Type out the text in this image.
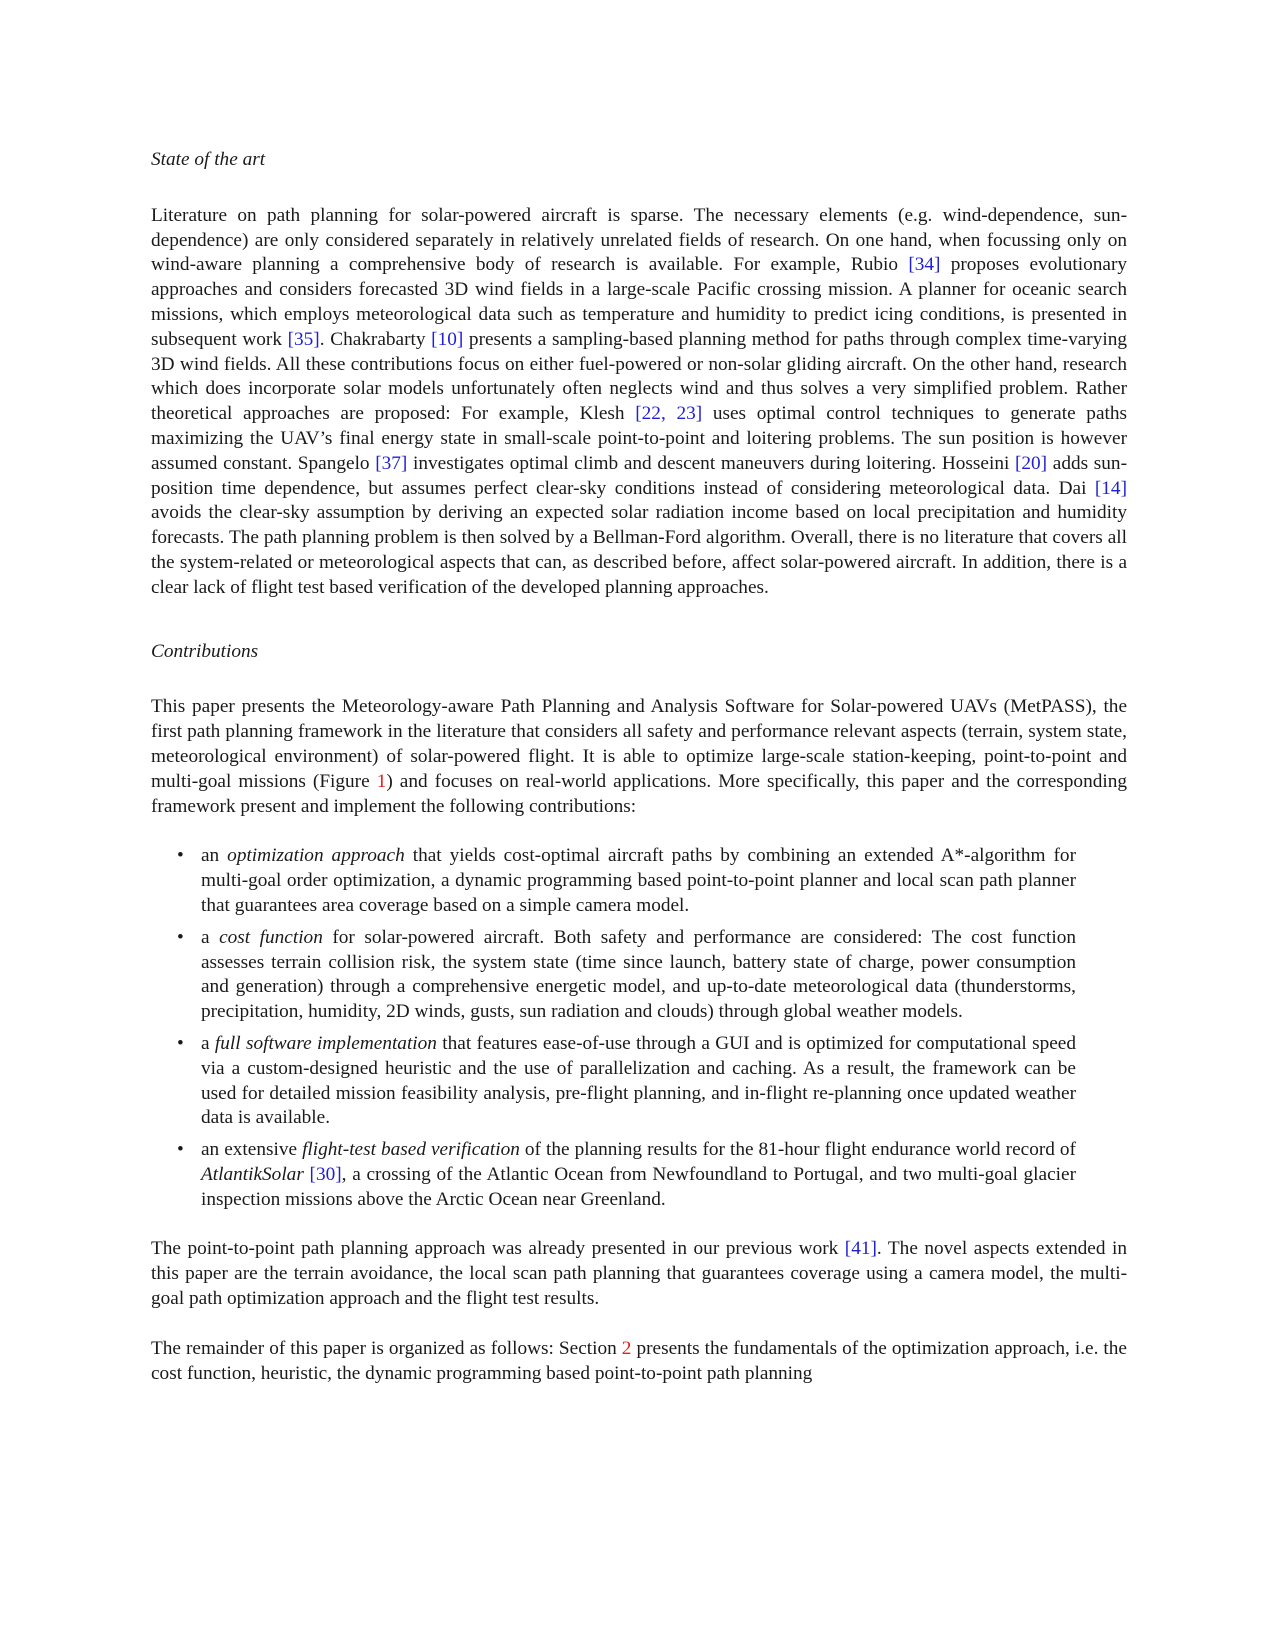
State of the art

Literature on path planning for solar-powered aircraft is sparse. The necessary elements (e.g. wind-dependence, sun-dependence) are only considered separately in relatively unrelated fields of research. On one hand, when focussing only on wind-aware planning a comprehensive body of research is available. For example, Rubio [34] proposes evolutionary approaches and considers forecasted 3D wind fields in a large-scale Pacific crossing mission. A planner for oceanic search missions, which employs meteorological data such as temperature and humidity to predict icing conditions, is presented in subsequent work [35]. Chakrabarty [10] presents a sampling-based planning method for paths through complex time-varying 3D wind fields. All these contributions focus on either fuel-powered or non-solar gliding aircraft. On the other hand, research which does incorporate solar models unfortunately often neglects wind and thus solves a very simplified problem. Rather theoretical approaches are proposed: For example, Klesh [22, 23] uses optimal control techniques to generate paths maximizing the UAV’s final energy state in small-scale point-to-point and loitering problems. The sun position is however assumed constant. Spangelo [37] investigates optimal climb and descent maneuvers during loitering. Hosseini [20] adds sun-position time dependence, but assumes perfect clear-sky conditions instead of considering meteorological data. Dai [14] avoids the clear-sky assumption by deriving an expected solar radiation income based on local precipitation and humidity forecasts. The path planning problem is then solved by a Bellman-Ford algorithm. Overall, there is no literature that covers all the system-related or meteorological aspects that can, as described before, affect solar-powered aircraft. In addition, there is a clear lack of flight test based verification of the developed planning approaches.

Contributions

This paper presents the Meteorology-aware Path Planning and Analysis Software for Solar-powered UAVs (MetPASS), the first path planning framework in the literature that considers all safety and performance relevant aspects (terrain, system state, meteorological environment) of solar-powered flight. It is able to optimize large-scale station-keeping, point-to-point and multi-goal missions (Figure 1) and focuses on real-world applications. More specifically, this paper and the corresponding framework present and implement the following contributions:

• an optimization approach that yields cost-optimal aircraft paths by combining an extended A*-algorithm for multi-goal order optimization, a dynamic programming based point-to-point planner and local scan path planner that guarantees area coverage based on a simple camera model.
• a cost function for solar-powered aircraft. Both safety and performance are considered: The cost function assesses terrain collision risk, the system state (time since launch, battery state of charge, power consumption and generation) through a comprehensive energetic model, and up-to-date meteorological data (thunderstorms, precipitation, humidity, 2D winds, gusts, sun radiation and clouds) through global weather models.
• a full software implementation that features ease-of-use through a GUI and is optimized for computational speed via a custom-designed heuristic and the use of parallelization and caching. As a result, the framework can be used for detailed mission feasibility analysis, pre-flight planning, and in-flight re-planning once updated weather data is available.
• an extensive flight-test based verification of the planning results for the 81-hour flight endurance world record of AtlantikSolar [30], a crossing of the Atlantic Ocean from Newfoundland to Portugal, and two multi-goal glacier inspection missions above the Arctic Ocean near Greenland.

The point-to-point path planning approach was already presented in our previous work [41]. The novel aspects extended in this paper are the terrain avoidance, the local scan path planning that guarantees coverage using a camera model, the multi-goal path optimization approach and the flight test results.

The remainder of this paper is organized as follows: Section 2 presents the fundamentals of the optimization approach, i.e. the cost function, heuristic, the dynamic programming based point-to-point path planning
